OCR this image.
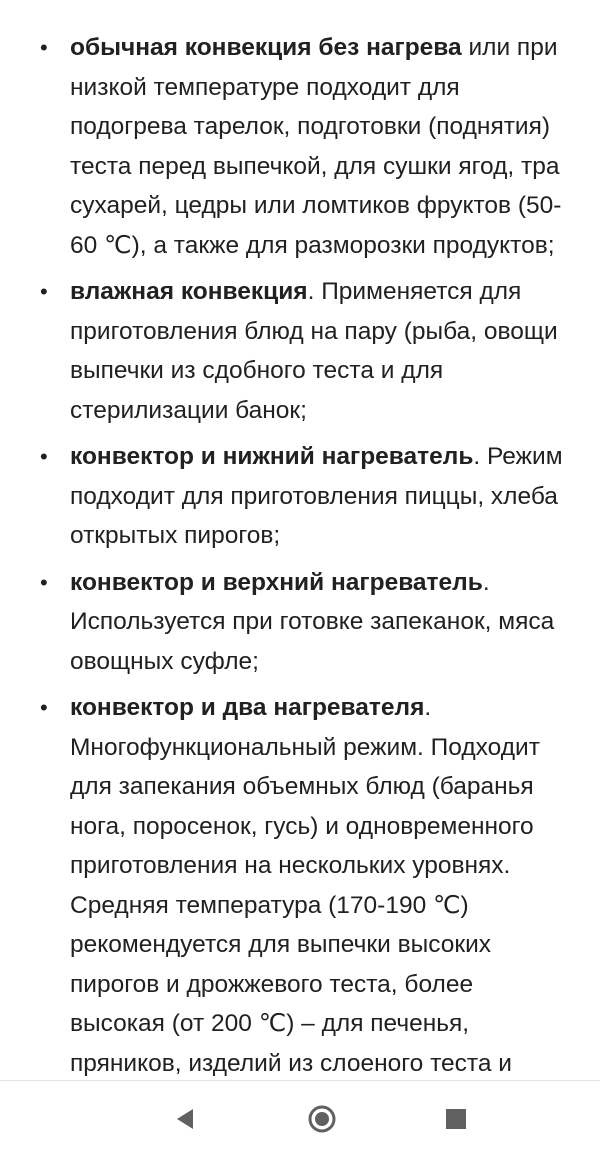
• обычная конвекция без нагрева или при
низкой температуре подходит для
подогрева тарелок, подготовки (поднятия)
теста перед выпечкой, для сушки ягод, тра
сухарей, цедры или ломтиков фруктов (50-
60 ℃), а также для разморозки продуктов;
• влажная конвекция. Применяется для
приготовления блюд на пару (рыба, овощи
выпечки из сдобного теста и для
стерилизации банок;
• конвектор и нижний нагреватель. Режим
подходит для приготовления пиццы, хлеба
открытых пирогов;
• конвектор и верхний нагреватель.
Используется при готовке запеканок, мяса
овощных суфле;
• конвектор и два нагревателя.
Многофункциональный режим. Подходит
для запекания объемных блюд (баранья
нога, поросенок, гусь) и одновременного
приготовления на нескольких уровнях.
Средняя температура (170-190 ℃)
рекомендуется для выпечки высоких
пирогов и дрожжевого теста, более
высокая (от 200 ℃) – для печенья,
пряников, изделий из слоеного теста и
